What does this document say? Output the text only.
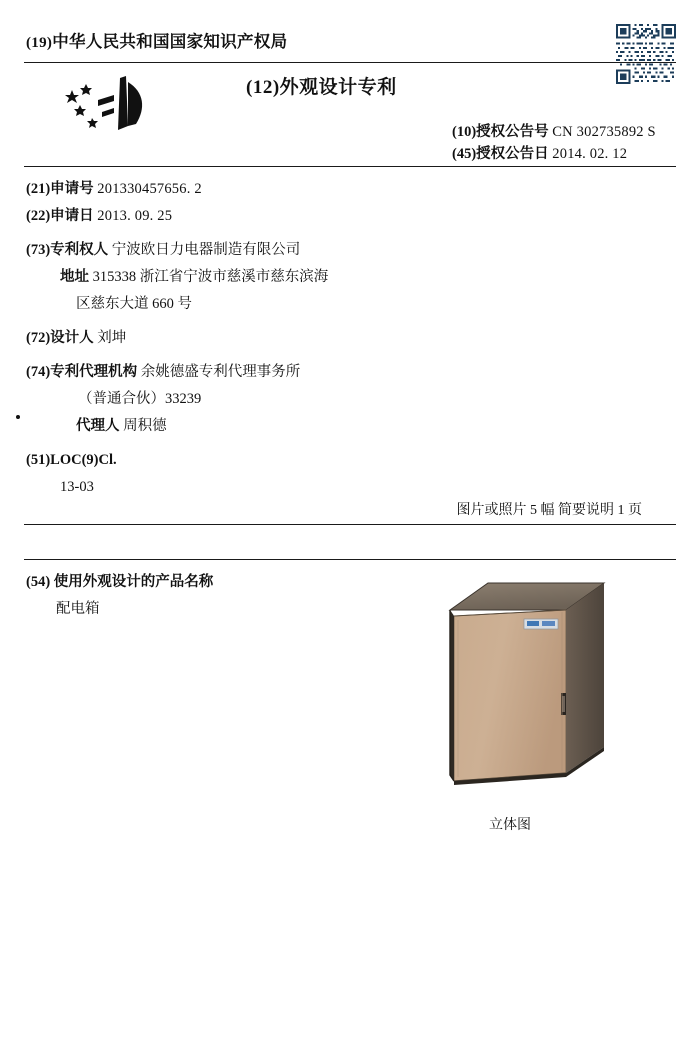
(19)中华人民共和国国家知识产权局
(12)外观设计专利
(10)授权公告号 CN 302735892 S
(45)授权公告日 2014. 02. 12
(21)申请号 201330457656. 2
(22)申请日 2013. 09. 25
(73)专利权人 宁波欧日力电器制造有限公司
地址 315338 浙江省宁波市慈溪市慈东滨海
区慈东大道 660 号
(72)设计人 刘坤
(74)专利代理机构 余姚德盛专利代理事务所
（普通合伙）33239
代理人 周积德
(51)LOC(9)Cl.
13-03
图片或照片 5 幅 简要说明 1 页
(54) 使用外观设计的产品名称
配电箱
立体图
